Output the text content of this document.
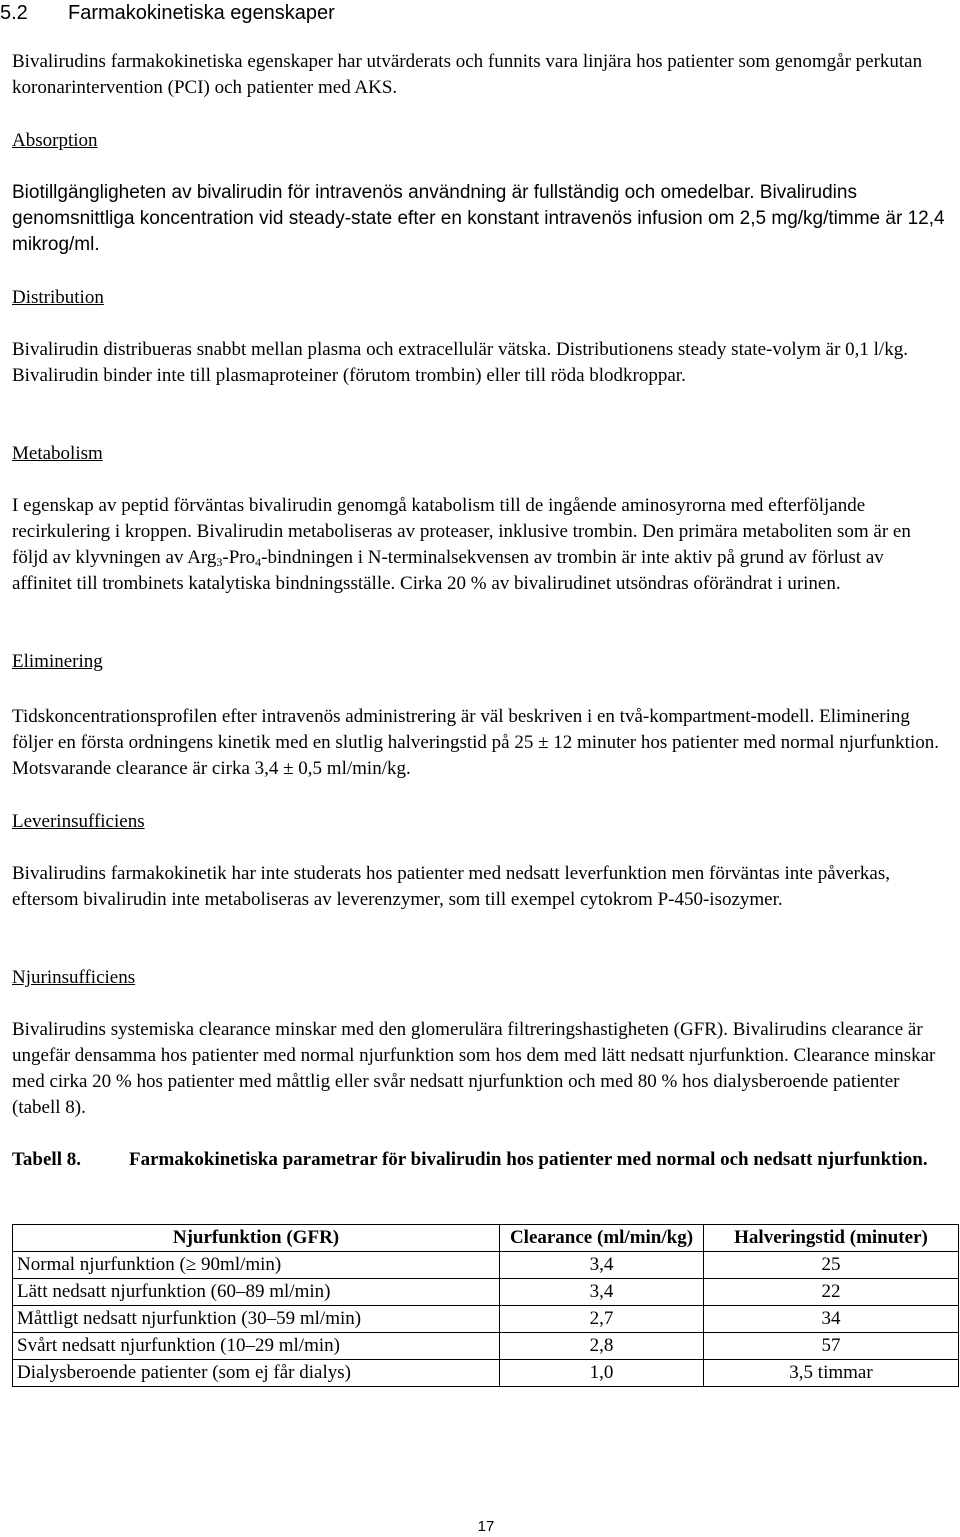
5.2 Farmakokinetiska egenskaper

Bivalirudins farmakokinetiska egenskaper har utvärderats och funnits vara linjära hos patienter som genomgår perkutan koronarintervention (PCI) och patienter med AKS.

Absorption

Biotillgängligheten av bivalirudin för intravenös användning är fullständig och omedelbar. Bivalirudins genomsnittliga koncentration vid steady-state efter en konstant intravenös infusion om 2,5 mg/kg/timme är 12,4 mikrog/ml.

Distribution

Bivalirudin distribueras snabbt mellan plasma och extracellulär vätska. Distributionens steady state-volym är 0,1 l/kg. Bivalirudin binder inte till plasmaproteiner (förutom trombin) eller till röda blodkroppar.

Metabolism

I egenskap av peptid förväntas bivalirudin genomgå katabolism till de ingående aminosyrorna med efterföljande recirkulering i kroppen. Bivalirudin metaboliseras av proteaser, inklusive trombin. Den primära metaboliten som är en följd av klyvningen av Arg$_3$-Pro$_4$-bindningen i N-terminalsekvensen av trombin är inte aktiv på grund av förlust av affinitet till trombinets katalytiska bindningsställe. Cirka 20 % av bivalirudinet utsöndras oförändrat i urinen.

Eliminering

Tidskoncentrationsprofilen efter intravenös administrering är väl beskriven i en två-kompartment-modell. Eliminering följer en första ordningens kinetik med en slutlig halveringstid på 25 ± 12 minuter hos patienter med normal njurfunktion. Motsvarande clearance är cirka 3,4 ± 0,5 ml/min/kg.

Leverinsufficiens

Bivalirudins farmakokinetik har inte studerats hos patienter med nedsatt leverfunktion men förväntas inte påverkas, eftersom bivalirudin inte metaboliseras av leverenzymer, som till exempel cytokrom P-450-isozymer.

Njurinsufficiens

Bivalirudins systemiska clearance minskar med den glomerulära filtreringshastigheten (GFR). Bivalirudins clearance är ungefär densamma hos patienter med normal njurfunktion som hos dem med lätt nedsatt njurfunktion. Clearance minskar med cirka 20 % hos patienter med måttlig eller svår nedsatt njurfunktion och med 80 % hos dialysberoende patienter (tabell 8).

Tabell 8.	Farmakokinetiska parametrar för bivalirudin hos patienter med normal och nedsatt njurfunktion.
Njurfunktion (GFR)	Clearance (ml/min/kg)	Halveringstid (minuter)
Normal njurfunktion (≥ 90ml/min)	3,4	25
Lätt nedsatt njurfunktion (60–89 ml/min)	3,4	22
Måttligt nedsatt njurfunktion (30–59 ml/min)	2,7	34
Svårt nedsatt njurfunktion (10–29 ml/min)	2,8	57
Dialysberoende patienter (som ej får dialys)	1,0	3,5 timmar
17
